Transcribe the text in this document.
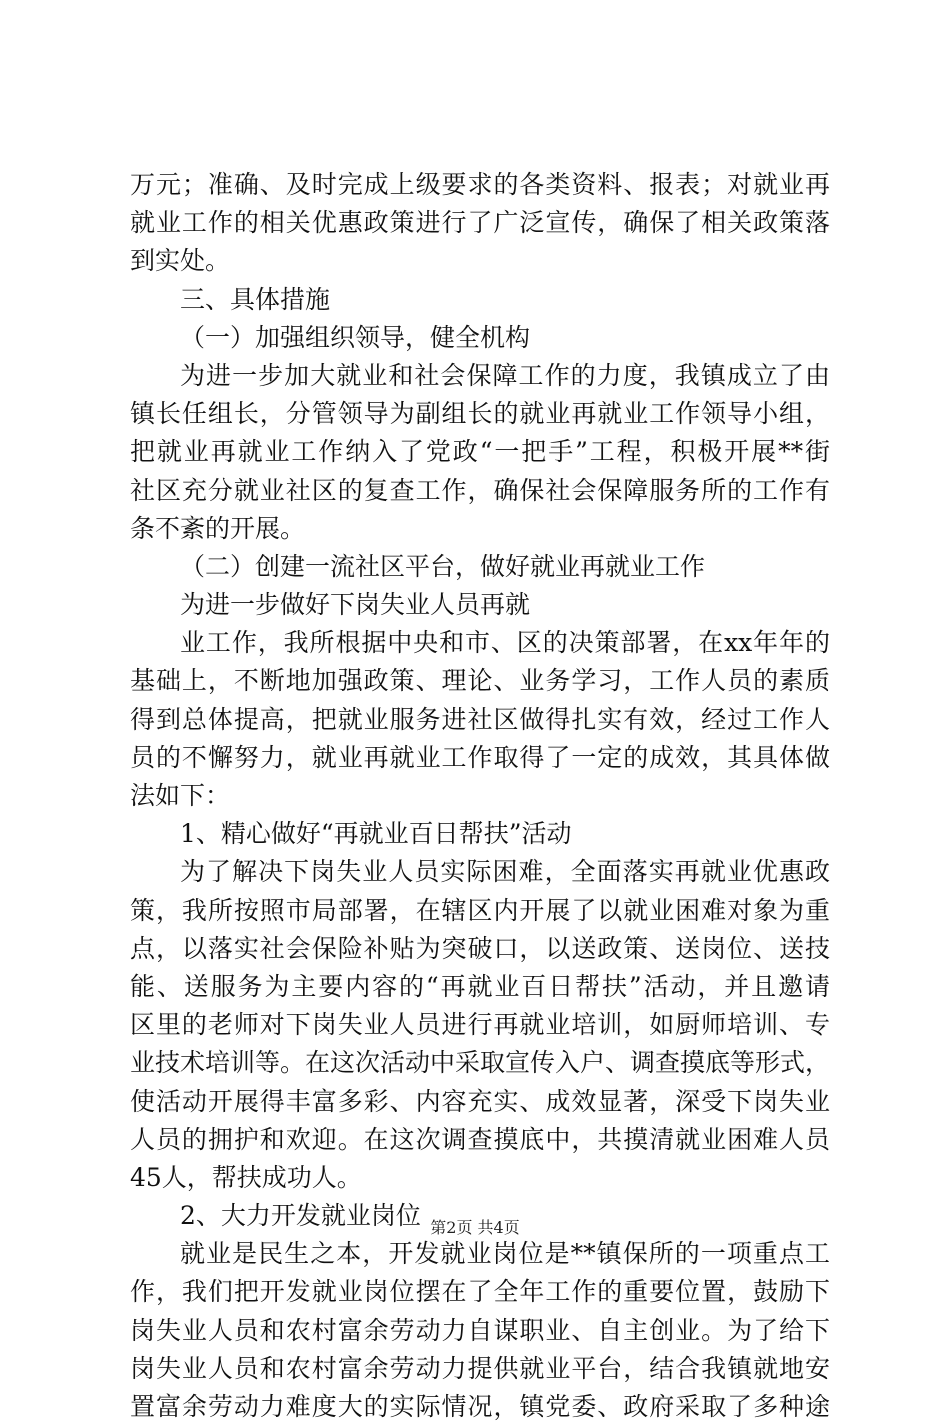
万元；准确、及时完成上级要求的各类资料、报表；对就业再
就业工作的相关优惠政策进行了广泛宣传，确保了相关政策落
到实处。
三、具体措施
（一）加强组织领导，健全机构
为进一步加大就业和社会保障工作的力度，我镇成立了由
镇长任组长，分管领导为副组长的就业再就业工作领导小组，
把就业再就业工作纳入了党政“一把手”工程，积极开展**街
社区充分就业社区的复查工作，确保社会保障服务所的工作有
条不紊的开展。
（二）创建一流社区平台，做好就业再就业工作
为进一步做好下岗失业人员再就
业工作，我所根据中央和市、区的决策部署，在xx年年的
基础上，不断地加强政策、理论、业务学习，工作人员的素质
得到总体提高，把就业服务进社区做得扎实有效，经过工作人
员的不懈努力，就业再就业工作取得了一定的成效，其具体做
法如下：
1、精心做好“再就业百日帮扶”活动
为了解决下岗失业人员实际困难，全面落实再就业优惠政
策，我所按照市局部署，在辖区内开展了以就业困难对象为重
点，以落实社会保险补贴为突破口，以送政策、送岗位、送技
能、送服务为主要内容的“再就业百日帮扶”活动，并且邀请
区里的老师对下岗失业人员进行再就业培训，如厨师培训、专
业技术培训等。在这次活动中采取宣传入户、调查摸底等形式，
使活动开展得丰富多彩、内容充实、成效显著，深受下岗失业
人员的拥护和欢迎。在这次调查摸底中，共摸清就业困难人员
45人，帮扶成功人。
2、大力开发就业岗位
就业是民生之本，开发就业岗位是**镇保所的一项重点工
作，我们把开发就业岗位摆在了全年工作的重要位置，鼓励下
岗失业人员和农村富余劳动力自谋职业、自主创业。为了给下
岗失业人员和农村富余劳动力提供就业平台，结合我镇就地安
置富余劳动力难度大的实际情况，镇党委、政府采取了多种途
第2页 共4页
